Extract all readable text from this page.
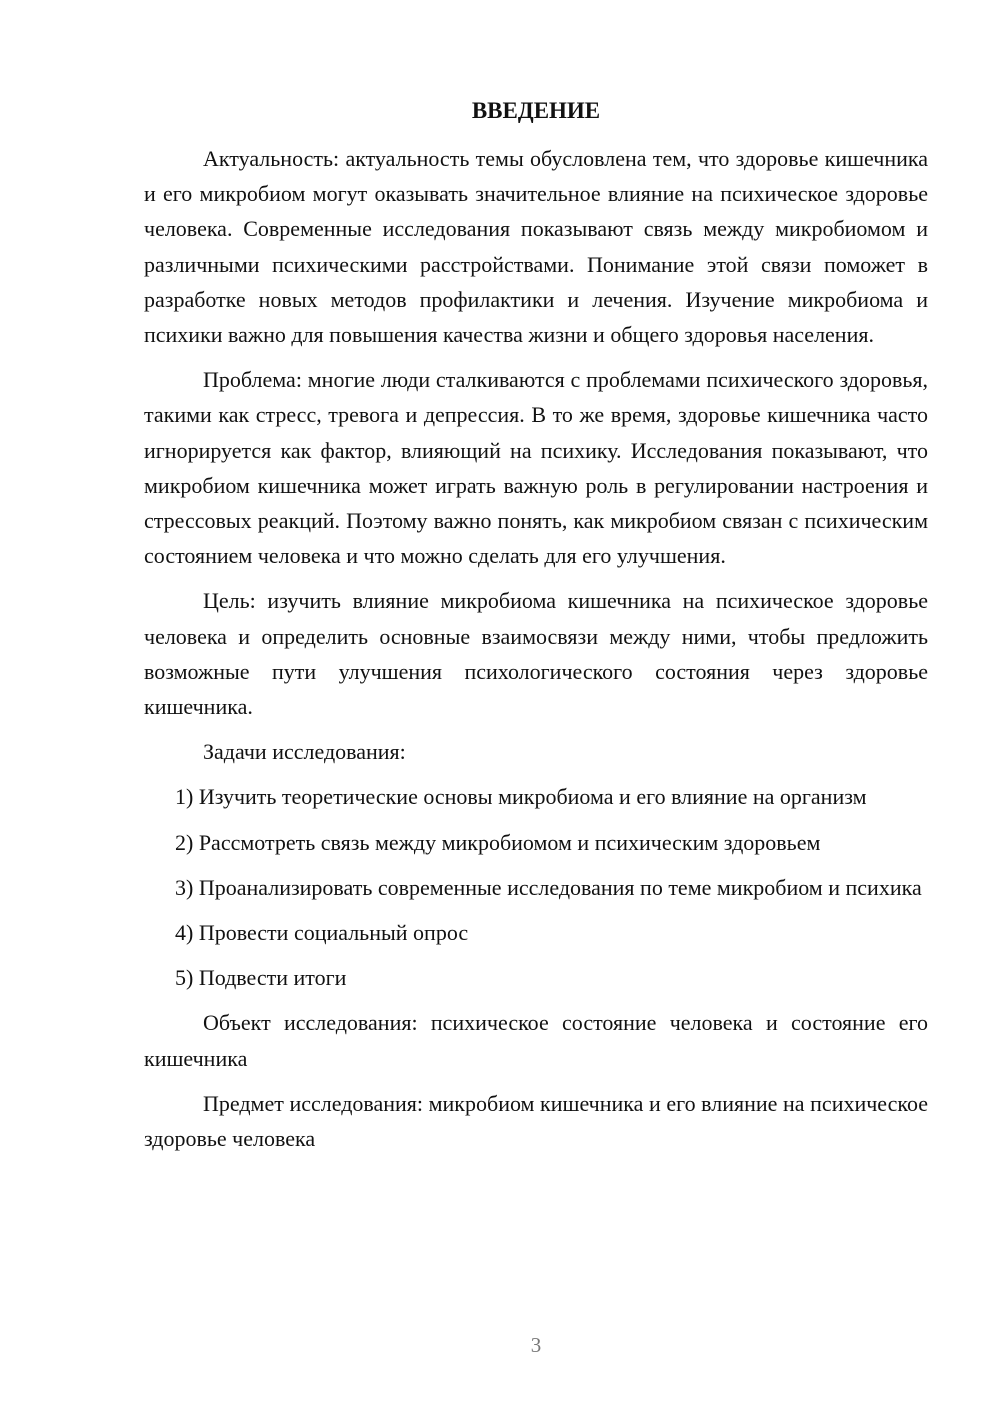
ВВЕДЕНИЕ

Актуальность: актуальность темы обусловлена тем, что здоровье кишечника и его микробиом могут оказывать значительное влияние на психическое здоровье человека. Современные исследования показывают связь между микробиомом и различными психическими расстройствами. Понимание этой связи поможет в разработке новых методов профилактики и лечения. Изучение микробиома и психики важно для повышения качества жизни и общего здоровья населения.

Проблема: многие люди сталкиваются с проблемами психического здоровья, такими как стресс, тревога и депрессия. В то же время, здоровье кишечника часто игнорируется как фактор, влияющий на психику. Исследования показывают, что микробиом кишечника может играть важную роль в регулировании настроения и стрессовых реакций. Поэтому важно понять, как микробиом связан с психическим состоянием человека и что можно сделать для его улучшения.

Цель: изучить влияние микробиома кишечника на психическое здоровье человека и определить основные взаимосвязи между ними, чтобы предложить возможные пути улучшения психологического состояния через здоровье кишечника.

Задачи исследования:

1) Изучить теоретические основы микробиома и его влияние на организм

2) Рассмотреть связь между микробиомом и психическим здоровьем

3) Проанализировать современные исследования по теме микробиом и психика

4) Провести социальный опрос

5) Подвести итоги

Объект исследования: психическое состояние человека и состояние его кишечника

Предмет исследования: микробиом кишечника и его влияние на психическое здоровье человека

3
